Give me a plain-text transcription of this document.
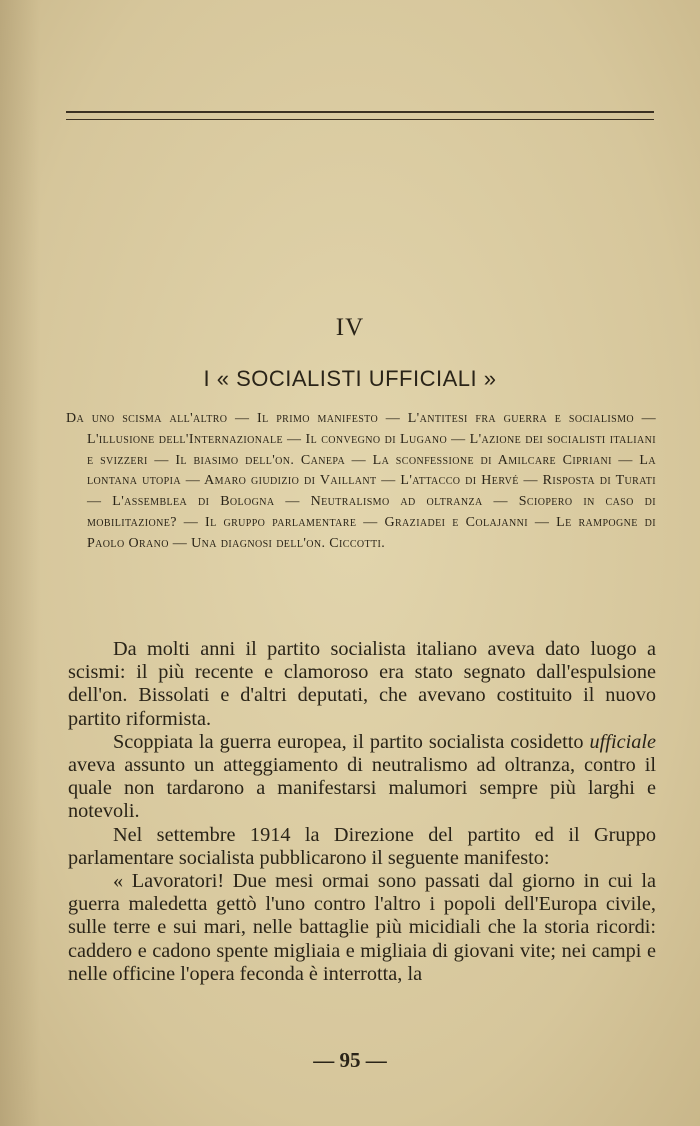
IV
I « SOCIALISTI UFFICIALI »

Da uno scisma all'altro — Il primo manifesto — L'antitesi fra guerra e socialismo — L'illusione dell'Internazionale — Il convegno di Lugano — L'azione dei socialisti italiani e svizzeri — Il biasimo dell'on. Canepa — La sconfessione di Amilcare Cipriani — La lontana utopia — Amaro giudizio di Vaillant — L'attacco di Hervé — Risposta di Turati — L'assemblea di Bologna — Neutralismo ad oltranza — Sciopero in caso di mobilitazione? — Il gruppo parlamentare — Graziadei e Colajanni — Le rampogne di Paolo Orano — Una diagnosi dell'on. Ciccotti.

Da molti anni il partito socialista italiano aveva dato luogo a scismi: il più recente e clamoroso era stato segnato dall'espulsione dell'on. Bissolati e d'altri deputati, che avevano costituito il nuovo partito riformista.

Scoppiata la guerra europea, il partito socialista cosidetto ufficiale aveva assunto un atteggiamento di neutralismo ad oltranza, contro il quale non tardarono a manifestarsi malumori sempre più larghi e notevoli.

Nel settembre 1914 la Direzione del partito ed il Gruppo parlamentare socialista pubblicarono il seguente manifesto:

« Lavoratori! Due mesi ormai sono passati dal giorno in cui la guerra maledetta gettò l'uno contro l'altro i popoli dell'Europa civile, sulle terre e sui mari, nelle battaglie più micidiali che la storia ricordi: caddero e cadono spente migliaia e migliaia di giovani vite; nei campi e nelle officine l'opera feconda è interrotta, la

— 95 —
